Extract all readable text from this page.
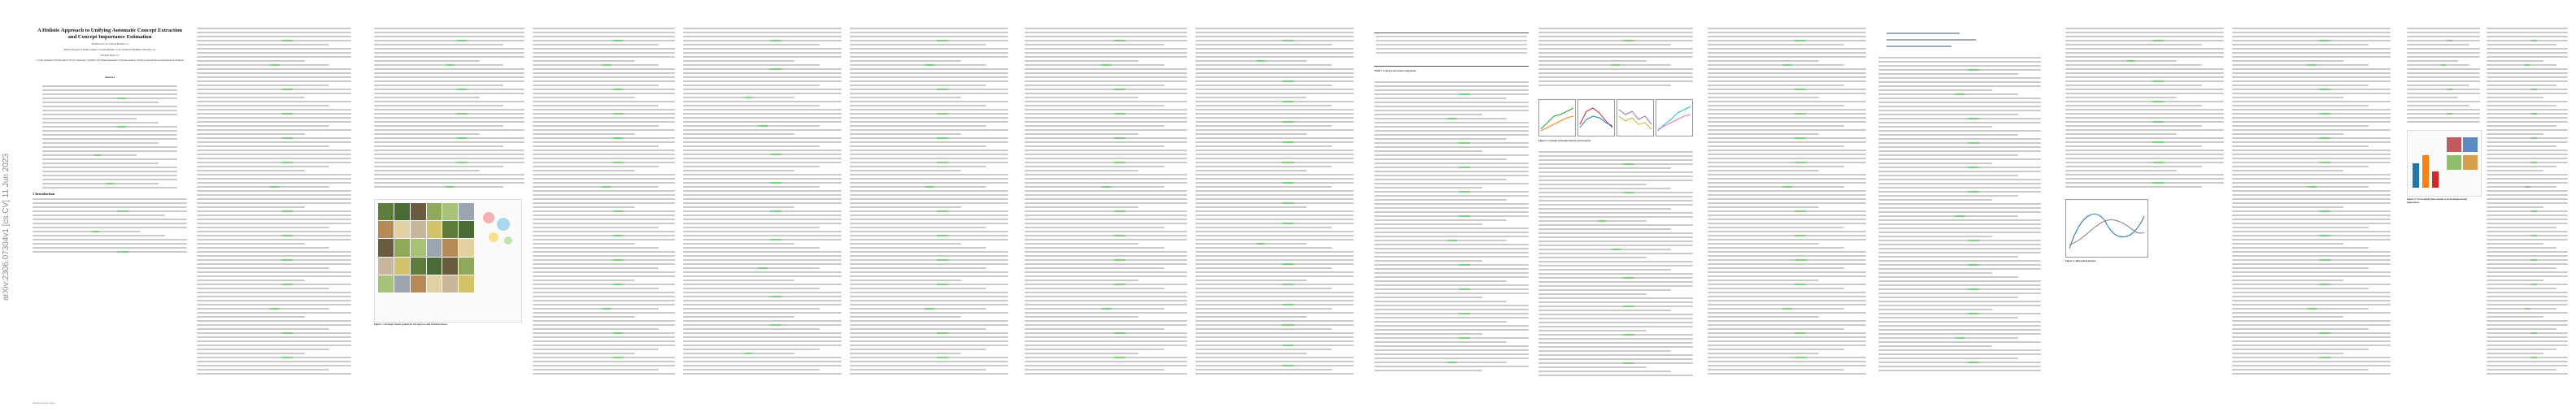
arXiv:2306.07304v1 [cs.CV] 11 Jun 2023
A Holistic Approach to Unifying Automatic Concept Extraction and Concept Importance Estimation
Thomas Fel 1,2,3 Victor Boutin 1,2
Mazda Moayeri 4 Rémi Cadène 5 Louis Bethune 3 Léo Andéol 6 Mathieu Chalvidal 1,2
Thomas Serre 1,2
1 Carney Institute for Brain Science, Brown University 2 Artificial and Natural Intelligence Toulouse Institute 3 Institut de Recherche en Informatique de Toulouse
Abstract
1 Introduction
Preprint. Under review.
Figure 1: Strategic cluster graphs for the espresso and zucchini classes.
Table 1: Concept extraction comparison.
Figure 2: Concept extraction metrics across layers.
Figure 4: Theoretical metrics.
Figure 3: From global (class-based) to local (image-based) importance.
